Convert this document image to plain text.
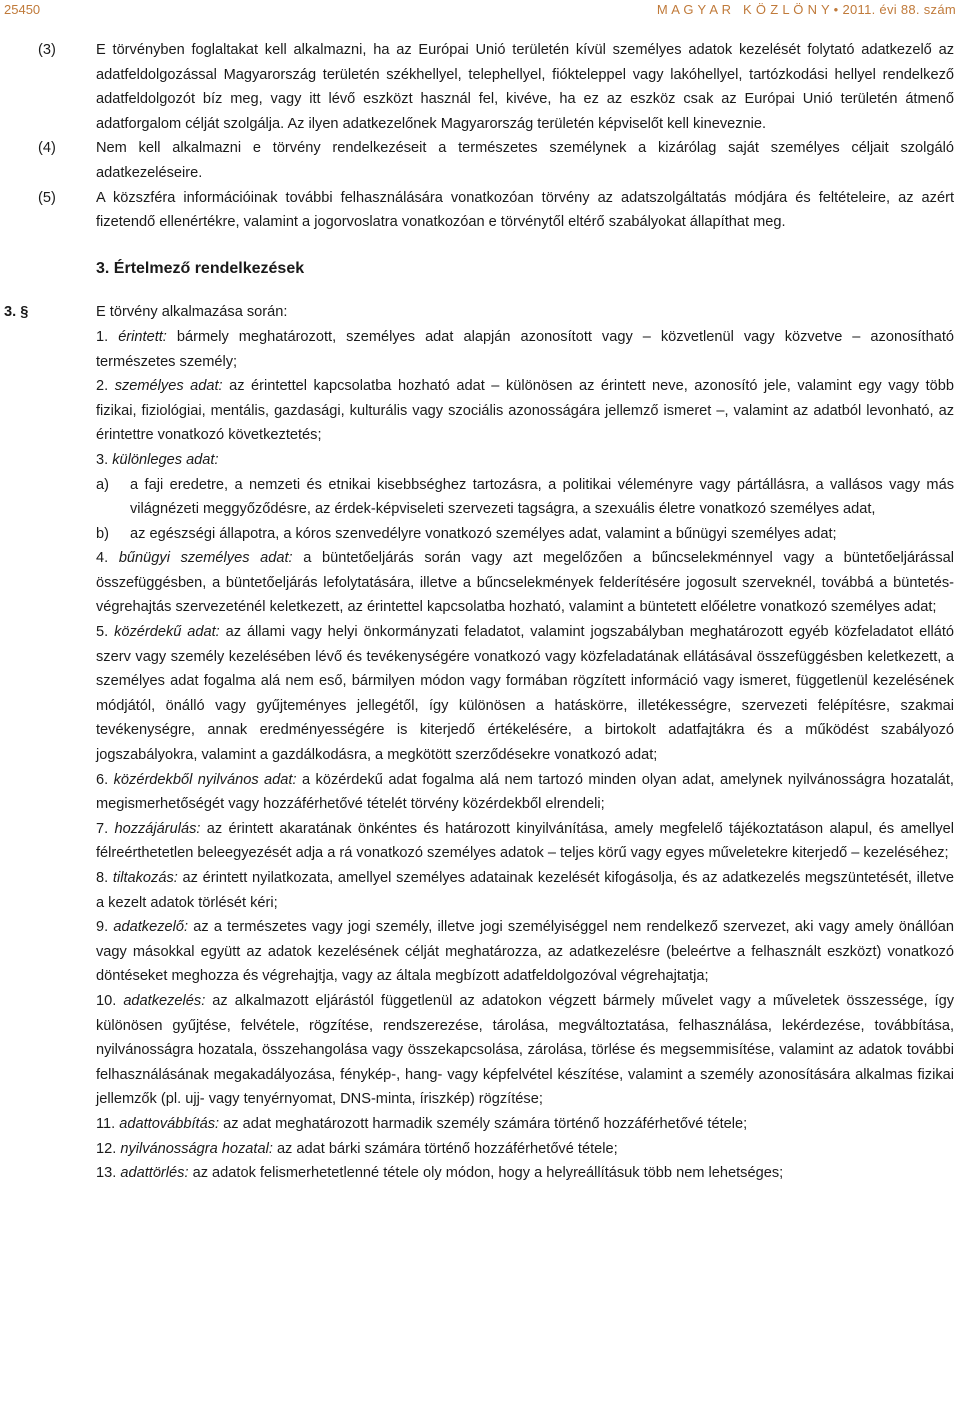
25450	M A G Y A R   K Ö Z L Ö N Y • 2011. évi 88. szám

(3)	E törvényben foglaltakat kell alkalmazni, ha az Európai Unió területén kívül személyes adatok kezelését folytató adatkezelő az adatfeldolgozással Magyarország területén székhellyel, telephellyel, fiókteleppel vagy lakóhellyel, tartózkodási hellyel rendelkező adatfeldolgozót bíz meg, vagy itt lévő eszközt használ fel, kivéve, ha ez az eszköz csak az Európai Unió területén átmenő adatforgalom célját szolgálja. Az ilyen adatkezelőnek Magyarország területén képviselőt kell kineveznie.

(4)	Nem kell alkalmazni e törvény rendelkezéseit a természetes személynek a kizárólag saját személyes céljait szolgáló adatkezeléseire.

(5)	A közszféra információinak további felhasználására vonatkozóan törvény az adatszolgáltatás módjára és feltételeire, az azért fizetendő ellenértékre, valamint a jogorvoslatra vonatkozóan e törvénytől eltérő szabályokat állapíthat meg.

3. Értelmező rendelkezések

3. §	E törvény alkalmazása során:

1. érintett: bármely meghatározott, személyes adat alapján azonosított vagy – közvetlenül vagy közvetve – azonosítható természetes személy;

2. személyes adat: az érintettel kapcsolatba hozható adat – különösen az érintett neve, azonosító jele, valamint egy vagy több fizikai, fiziológiai, mentális, gazdasági, kulturális vagy szociális azonosságára jellemző ismeret –, valamint az adatból levonható, az érintettre vonatkozó következtetés;

3. különleges adat:

a) a faji eredetre, a nemzeti és etnikai kisebbséghez tartozásra, a politikai véleményre vagy pártállásra, a vallásos vagy más világnézeti meggyőződésre, az érdek-képviseleti szervezeti tagságra, a szexuális életre vonatkozó személyes adat,

b) az egészségi állapotra, a kóros szenvedélyre vonatkozó személyes adat, valamint a bűnügyi személyes adat;

4. bűnügyi személyes adat: a büntetőeljárás során vagy azt megelőzően a bűncselekménnyel vagy a büntetőeljárással összefüggésben, a büntetőeljárás lefolytatására, illetve a bűncselekmények felderítésére jogosult szerveknél, továbbá a büntetés-végrehajtás szervezeténél keletkezett, az érintettel kapcsolatba hozható, valamint a büntetett előéletre vonatkozó személyes adat;

5. közérdekű adat: az állami vagy helyi önkormányzati feladatot, valamint jogszabályban meghatározott egyéb közfeladatot ellátó szerv vagy személy kezelésében lévő és tevékenységére vonatkozó vagy közfeladatának ellátásával összefüggésben keletkezett, a személyes adat fogalma alá nem eső, bármilyen módon vagy formában rögzített információ vagy ismeret, függetlenül kezelésének módjától, önálló vagy gyűjteményes jellegétől, így különösen a hatáskörre, illetékességre, szervezeti felépítésre, szakmai tevékenységre, annak eredményességére is kiterjedő értékelésére, a birtokolt adatfajtákra és a működést szabályozó jogszabályokra, valamint a gazdálkodásra, a megkötött szerződésekre vonatkozó adat;

6. közérdekből nyilvános adat: a közérdekű adat fogalma alá nem tartozó minden olyan adat, amelynek nyilvánosságra hozatalát, megismerhetőségét vagy hozzáférhetővé tételét törvény közérdekből elrendeli;

7. hozzájárulás: az érintett akaratának önkéntes és határozott kinyilvánítása, amely megfelelő tájékoztatáson alapul, és amellyel félreérthetetlen beleegyezését adja a rá vonatkozó személyes adatok – teljes körű vagy egyes műveletekre kiterjedő – kezeléséhez;

8. tiltakozás: az érintett nyilatkozata, amellyel személyes adatainak kezelését kifogásolja, és az adatkezelés megszüntetését, illetve a kezelt adatok törlését kéri;

9. adatkezelő: az a természetes vagy jogi személy, illetve jogi személyiséggel nem rendelkező szervezet, aki vagy amely önállóan vagy másokkal együtt az adatok kezelésének célját meghatározza, az adatkezelésre (beleértve a felhasznált eszközt) vonatkozó döntéseket meghozza és végrehajtja, vagy az általa megbízott adatfeldolgozóval végrehajtatja;

10. adatkezelés: az alkalmazott eljárástól függetlenül az adatokon végzett bármely művelet vagy a műveletek összessége, így különösen gyűjtése, felvétele, rögzítése, rendszerezése, tárolása, megváltoztatása, felhasználása, lekérdezése, továbbítása, nyilvánosságra hozatala, összehangolása vagy összekapcsolása, zárolása, törlése és megsemmisítése, valamint az adatok további felhasználásának megakadályozása, fénykép-, hang- vagy képfelvétel készítése, valamint a személy azonosítására alkalmas fizikai jellemzők (pl. ujj- vagy tenyérnyomat, DNS-minta, íriszkép) rögzítése;

11. adattovábbítás: az adat meghatározott harmadik személy számára történő hozzáférhetővé tétele;

12. nyilvánosságra hozatal: az adat bárki számára történő hozzáférhetővé tétele;

13. adattörlés: az adatok felismerhetetlenné tétele oly módon, hogy a helyreállításuk több nem lehetséges;
